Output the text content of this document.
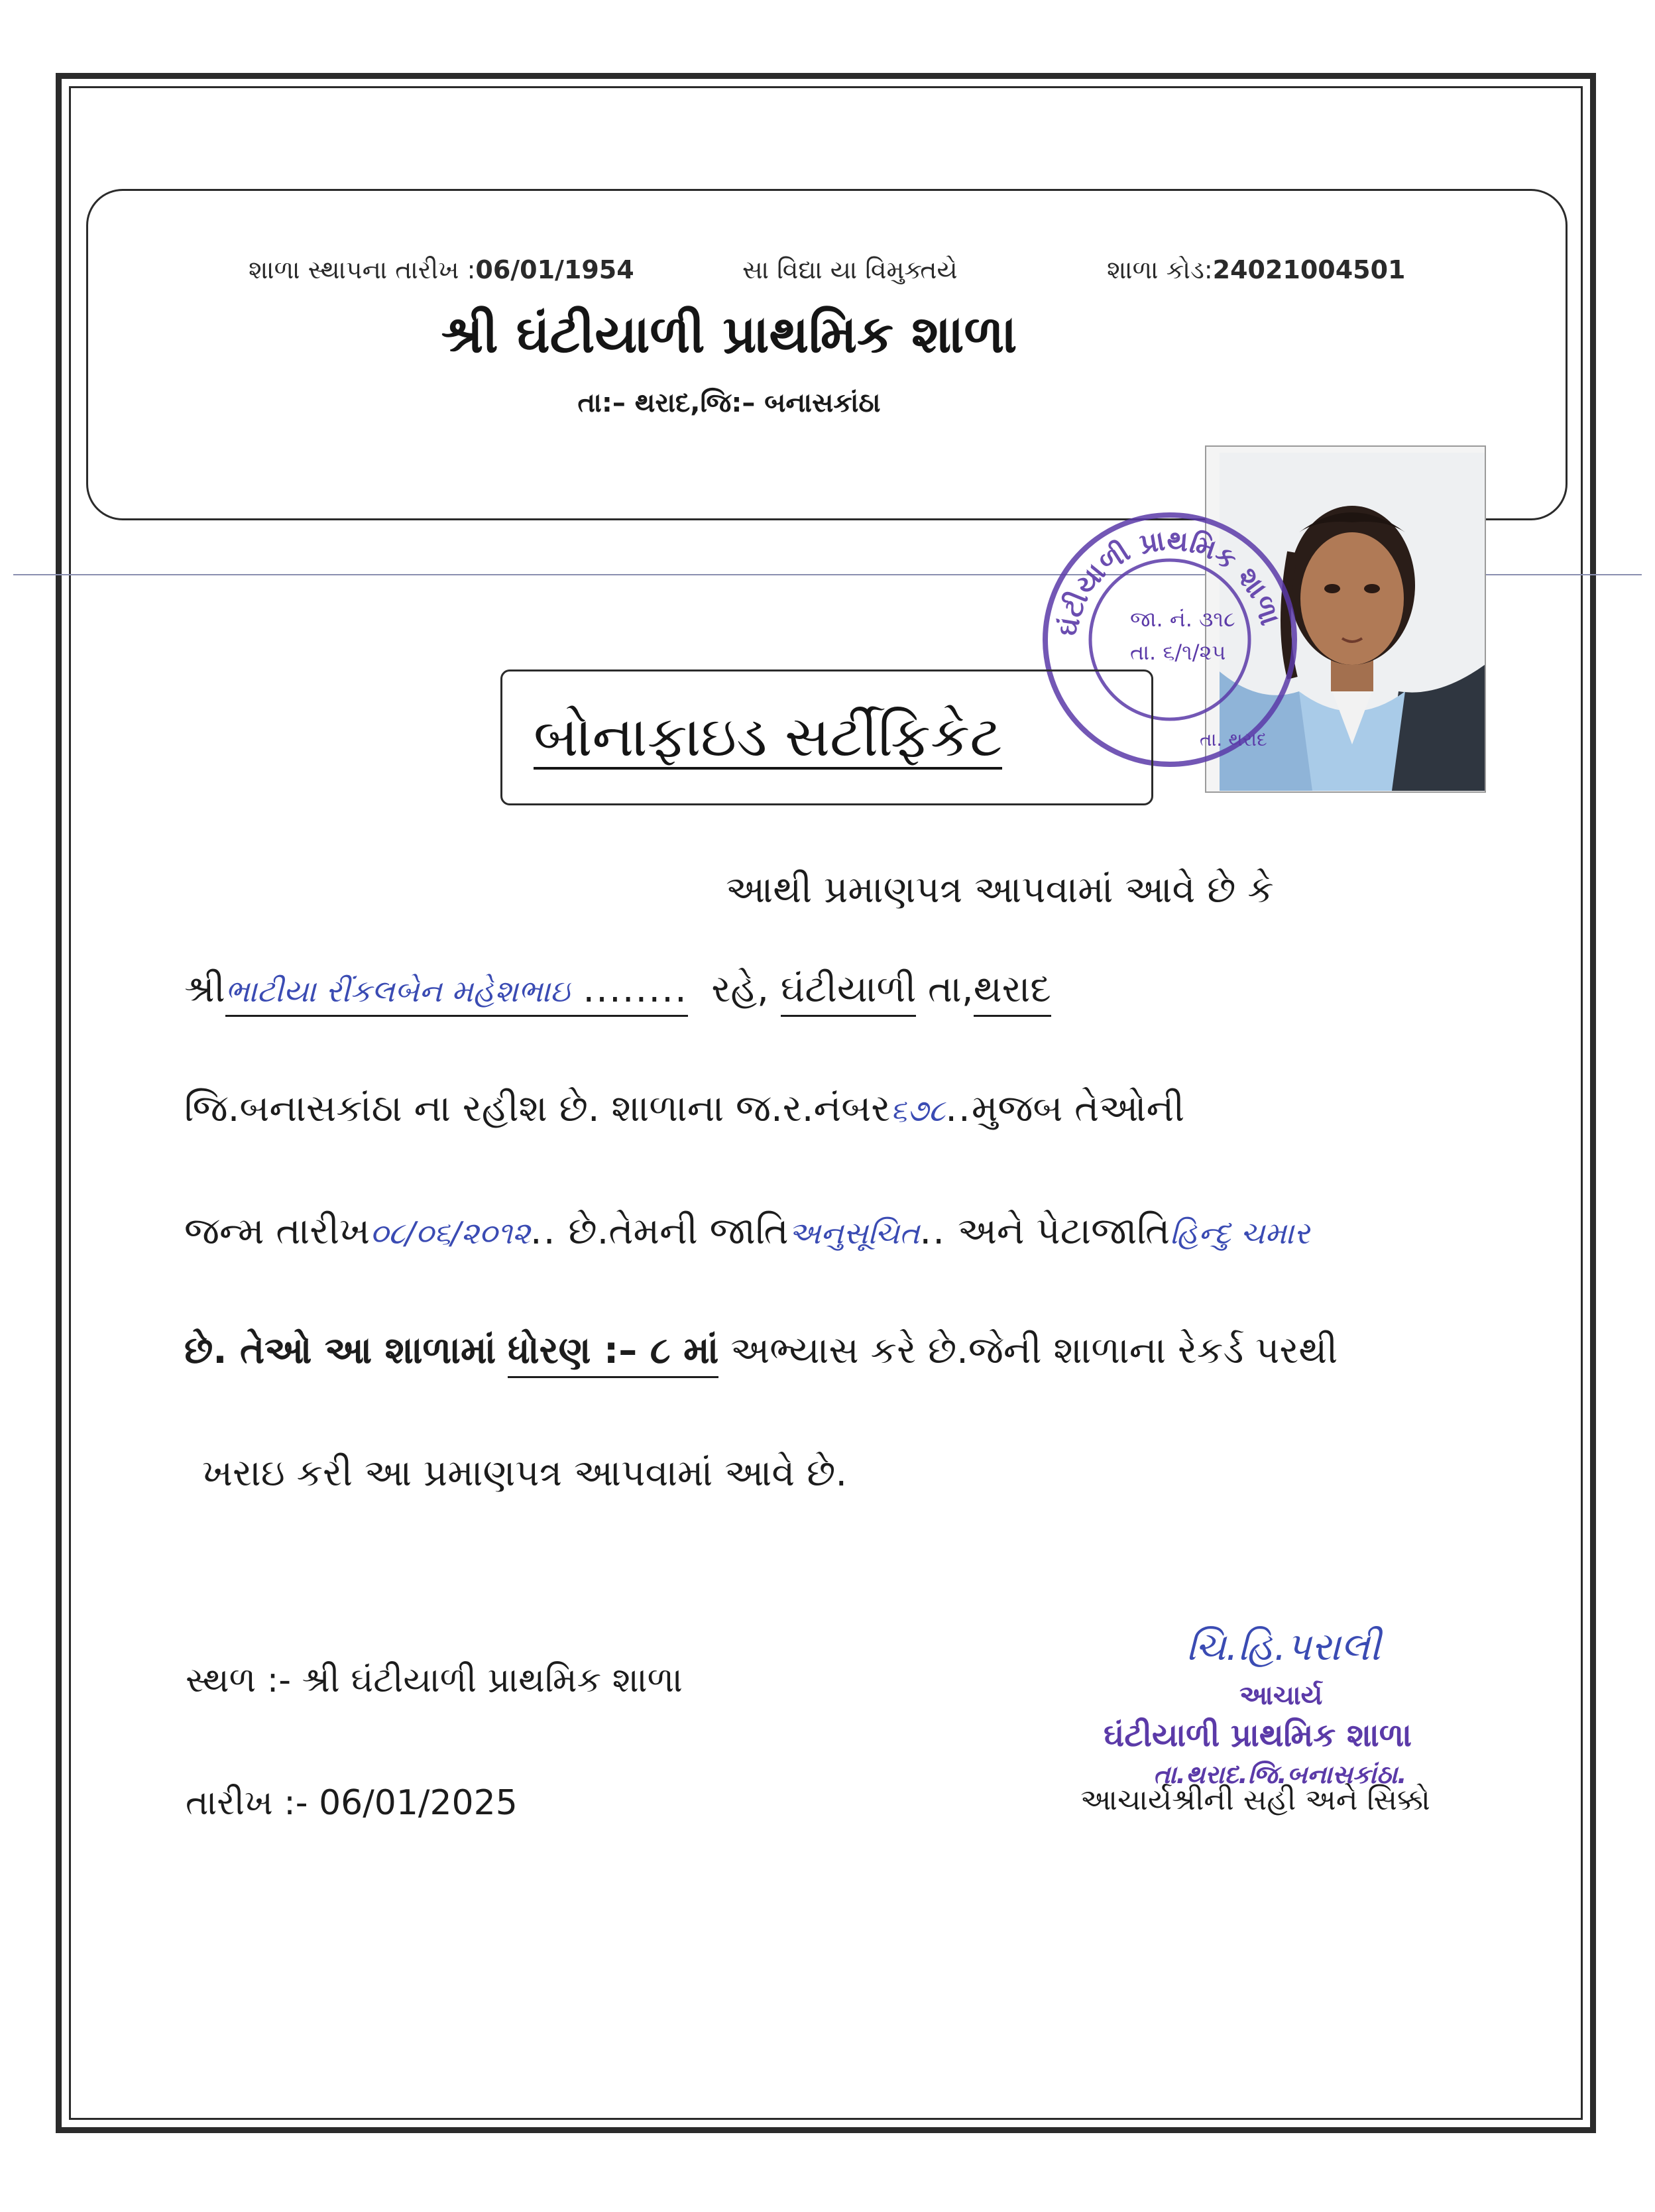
શાળા સ્થાપના તારીખ :06/01/1954	સા વિદ્યા યા વિમુક્તયે	શાળા કોડ:24021004501
શ્રી ઘંટીયાળી પ્રાથમિક શાળા
તા:– થરાદ,જિ:– બનાસકાંઠા
ઘંટીયાળી પ્રાથમિક શાળા
જા. નં. ૩૧૮
તા. ૬/૧/૨૫
તા. થરાદ
બોનાફાઇડ સર્ટીફિકેટ
આથી પ્રમાણપત્ર આપવામાં આવે છે કે
શ્રીભાટીયા રીંકલબેન મહેશભાઇ ........ રહે, ઘંટીયાળી તા,થરાદ
જિ.બનાસકાંઠા ના રહીશ છે. શાળાના જ.ર.નંબર૬૭૮..મુજબ તેઓની
જન્મ તારીખ૦૮/૦૬/૨૦૧૨.. છે.તેમની જાતિઅનુસૂચિત.. અને પેટાજાતિહિન્દુ ચમાર
છે. તેઓ આ શાળામાં ધોરણ :– ૮ માં અભ્યાસ કરે છે.જેની શાળાના રેકર્ડ પરથી
ખરાઇ કરી આ પ્રમાણપત્ર આપવામાં આવે છે.
સ્થળ :- શ્રી ઘંટીયાળી પ્રાથમિક શાળા
તારીખ :- 06/01/2025
ચિ.હિ.પરાલી
આચાર્ય
ઘંટીયાળી પ્રાથમિક શાળા
તા.થરાદ.જિ.બનાસકાંઠા.
આચાર્યશ્રીની સહી અને સિક્કો
